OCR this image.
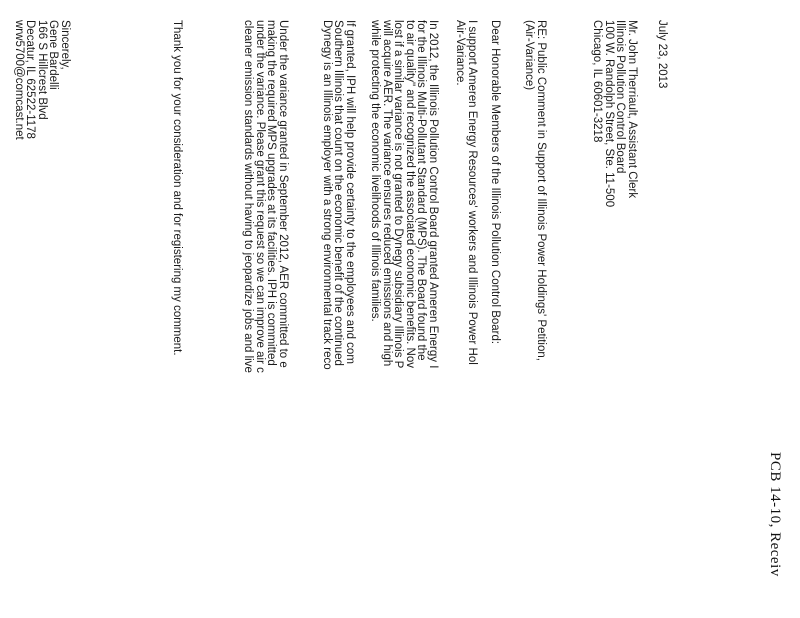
PCB 14-10, Receiv
July 23, 2013
Mr. John Therriault, Assistant Clerk
Illinois Pollution Control Board
100 W. Randolph Street, Ste. 11-500
Chicago, IL 60601-3218
RE: Public Comment in Support of Illinois Power Holdings' Petition,
(Air-Variance)
Dear Honorable Members of the Illinois Pollution Control Board:
I support Ameren Energy Resources' workers and Illinois Power Hol
Air-Variance.
In 2012, the Illinois Pollution Control Board granted Ameren Energy I
for the Illinois Multi-Pollutant Standard (MPS). The Board found the
to air quality" and recognized the associated economic benefits. Nov
lost if a similar variance is not granted to Dynegy subsidiary Illinois P
will acquire AER. The variance ensures reduced emissions and high
while protecting the economic livelihoods of Illinois families.
If granted, IPH will help provide certainty to the employees and com
Southern Illinois that count on the economic benefit of the continued
Dynegy is an Illinois employer with a strong environmental track reco
Under the variance granted in September 2012, AER committed to e
making the required MPS upgrades at its facilities. IPH is committed
under the variance. Please grant this request so we can improve air c
cleaner emission standards without having to jeopardize jobs and live
Thank you for your consideration and for registering my comment.
Sincerely,
Gene Bardelli
166 S Hillcrest Blvd
Decatur, IL 62522-1178
wrw5700@comcast.net
